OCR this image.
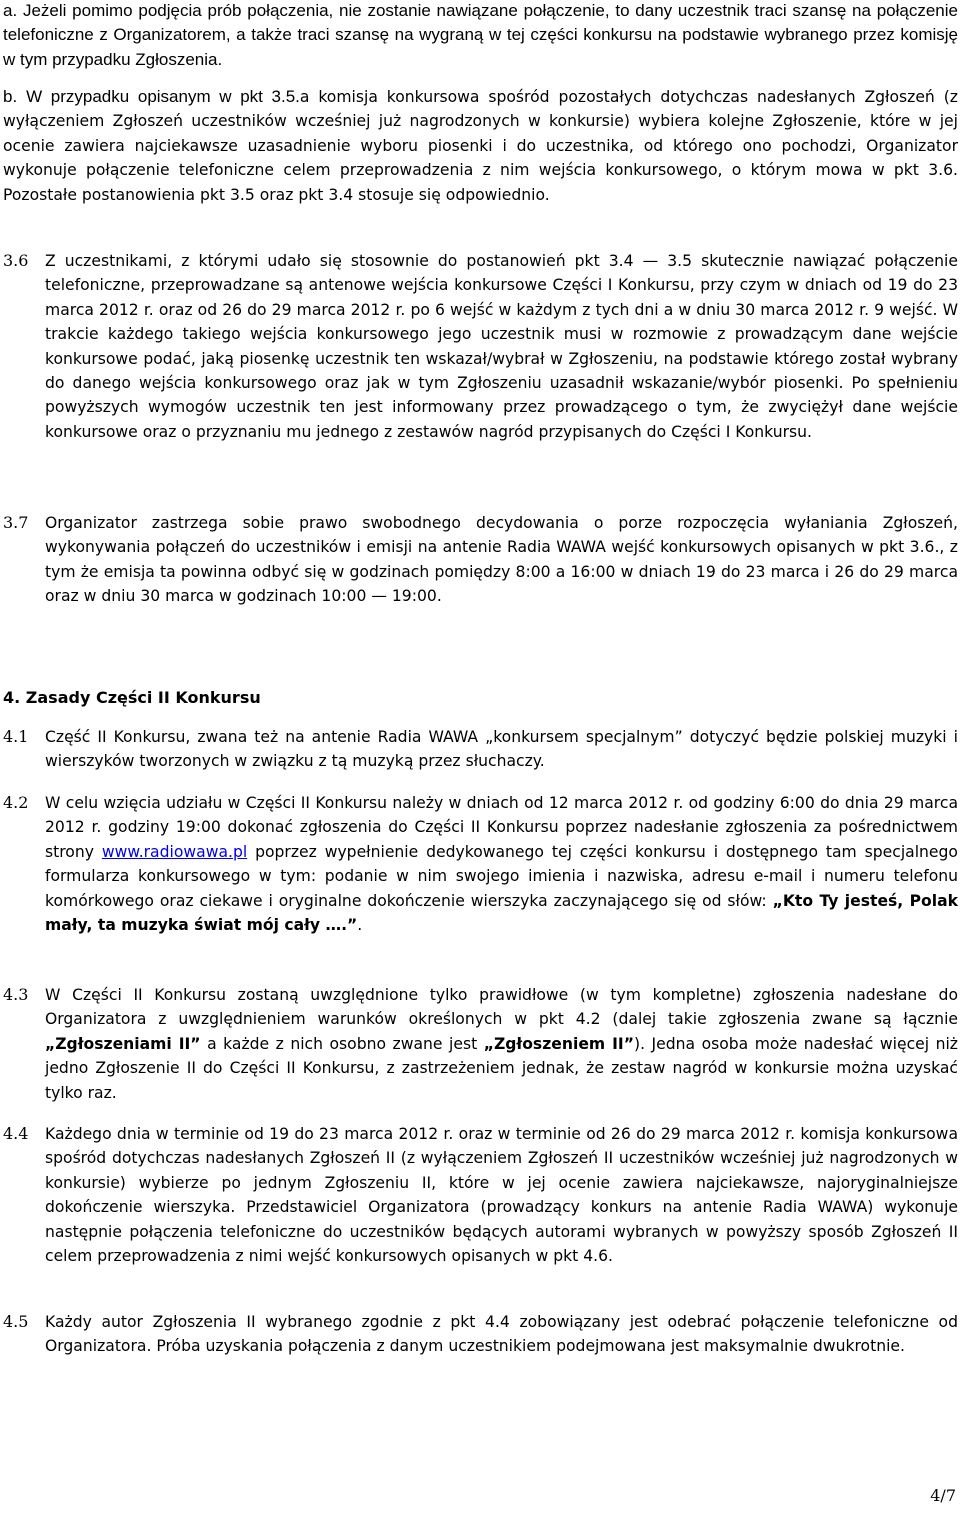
a. Jeżeli pomimo podjęcia prób połączenia, nie zostanie nawiązane połączenie, to dany uczestnik traci szansę na połączenie telefoniczne z Organizatorem, a także traci szansę na wygraną w tej części konkursu na podstawie wybranego przez komisję w tym przypadku Zgłoszenia.

b. W przypadku opisanym w pkt 3.5.a komisja konkursowa spośród pozostałych dotychczas nadesłanych Zgłoszeń (z wyłączeniem Zgłoszeń uczestników wcześniej już nagrodzonych w konkursie) wybiera kolejne Zgłoszenie, które w jej ocenie zawiera najciekawsze uzasadnienie wyboru piosenki i do uczestnika, od którego ono pochodzi, Organizator wykonuje połączenie telefoniczne celem przeprowadzenia z nim wejścia konkursowego, o którym mowa w pkt 3.6. Pozostałe postanowienia pkt 3.5 oraz pkt 3.4 stosuje się odpowiednio.

3.6	Z uczestnikami, z którymi udało się stosownie do postanowień pkt 3.4 — 3.5 skutecznie nawiązać połączenie telefoniczne, przeprowadzane są antenowe wejścia konkursowe Części I Konkursu, przy czym w dniach od 19 do 23 marca 2012 r. oraz od 26 do 29 marca 2012 r. po 6 wejść w każdym z tych dni a w dniu 30 marca 2012 r. 9 wejść. W trakcie każdego takiego wejścia konkursowego jego uczestnik musi w rozmowie z prowadzącym dane wejście konkursowe podać, jaką piosenkę uczestnik ten wskazał/wybrał w Zgłoszeniu, na podstawie którego został wybrany do danego wejścia konkursowego oraz jak w tym Zgłoszeniu uzasadnił wskazanie/wybór piosenki. Po spełnieniu powyższych wymogów uczestnik ten jest informowany przez prowadzącego o tym, że zwyciężył dane wejście konkursowe oraz o przyznaniu mu jednego z zestawów nagród przypisanych do Części I Konkursu.

3.7	Organizator zastrzega sobie prawo swobodnego decydowania o porze rozpoczęcia wyłaniania Zgłoszeń, wykonywania połączeń do uczestników i emisji na antenie Radia WAWA wejść konkursowych opisanych w pkt 3.6., z tym że emisja ta powinna odbyć się w godzinach pomiędzy 8:00 a 16:00 w dniach 19 do 23 marca i 26 do 29 marca oraz w dniu 30 marca w godzinach 10:00 — 19:00.

4. Zasady Części II Konkursu
4.1	Część II Konkursu, zwana też na antenie Radia WAWA „konkursem specjalnym” dotyczyć będzie polskiej muzyki i wierszyków tworzonych w związku z tą muzyką przez słuchaczy.

4.2	W celu wzięcia udziału w Części II Konkursu należy w dniach od 12 marca 2012 r. od godziny 6:00 do dnia 29 marca 2012 r. godziny 19:00 dokonać zgłoszenia do Części II Konkursu poprzez nadesłanie zgłoszenia za pośrednictwem strony www.radiowawa.pl poprzez wypełnienie dedykowanego tej części konkursu i dostępnego tam specjalnego formularza konkursowego w tym: podanie w nim swojego imienia i nazwiska, adresu e-mail i numeru telefonu komórkowego oraz ciekawe i oryginalne dokończenie wierszyka zaczynającego się od słów: „Kto Ty jesteś, Polak mały, ta muzyka świat mój cały ….”.

4.3	W Części II Konkursu zostaną uwzględnione tylko prawidłowe (w tym kompletne) zgłoszenia nadesłane do Organizatora z uwzględnieniem warunków określonych w pkt 4.2 (dalej takie zgłoszenia zwane są łącznie „Zgłoszeniami II” a każde z nich osobno zwane jest „Zgłoszeniem II”). Jedna osoba może nadesłać więcej niż jedno Zgłoszenie II do Części II Konkursu, z zastrzeżeniem jednak, że zestaw nagród w konkursie można uzyskać tylko raz.

4.4	Każdego dnia w terminie od 19 do 23 marca 2012 r. oraz w terminie od 26 do 29 marca 2012 r. komisja konkursowa spośród dotychczas nadesłanych Zgłoszeń II (z wyłączeniem Zgłoszeń II uczestników wcześniej już nagrodzonych w konkursie) wybierze po jednym Zgłoszeniu II, które w jej ocenie zawiera najciekawsze, najoryginalniejsze dokończenie wierszyka. Przedstawiciel Organizatora (prowadzący konkurs na antenie Radia WAWA) wykonuje następnie połączenia telefoniczne do uczestników będących autorami wybranych w powyższy sposób Zgłoszeń II celem przeprowadzenia z nimi wejść konkursowych opisanych w pkt 4.6.

4.5	Każdy autor Zgłoszenia II wybranego zgodnie z pkt 4.4 zobowiązany jest odebrać połączenie telefoniczne od Organizatora. Próba uzyskania połączenia z danym uczestnikiem podejmowana jest maksymalnie dwukrotnie.

4/7
